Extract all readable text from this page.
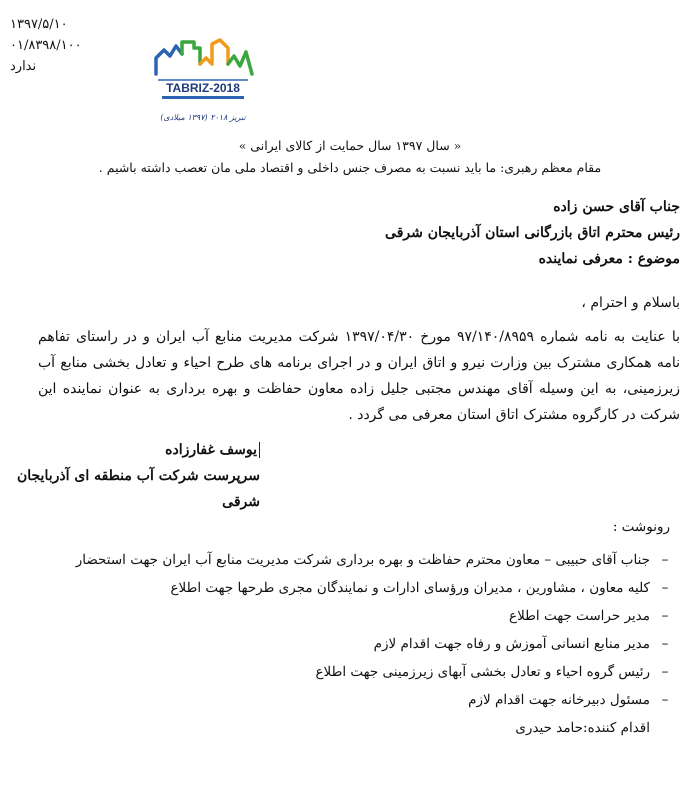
۱۳۹۷/۵/۱۰
۰۱/۸۳۹۸/۱۰۰
ندارد
TABRIZ-2018
تبریز ۲۰۱۸ (۱۳۹۷ میلادی)
« سال ۱۳۹۷ سال حمایت از کالای ایرانی »
مقام معظم رهبری: ما باید نسبت به مصرف جنس داخلی و اقتصاد ملی مان تعصب داشته باشیم .
جناب آقای حسن زاده
رئیس محترم اتاق بازرگانی استان آذربایجان شرقی
موضوع : معرفی نماینده

باسلام و احترام ،

با عنایت به نامه شماره ۹۷/۱۴۰/۸۹۵۹ مورخ ۱۳۹۷/۰۴/۳۰ شرکت مدیریت منابع آب ایران و در راستای تفاهم نامه همکاری مشترک بین وزارت نیرو و اتاق ایران و در اجرای برنامه های طرح احیاء و تعادل بخشی منابع آب زیرزمینی، به این وسیله آقای مهندس مجتبی جلیل زاده معاون حفاظت و بهره برداری به عنوان نماینده این شرکت در کارگروه مشترک اتاق استان معرفی می گردد .

یوسف غفارزاده
سرپرست شرکت آب منطقه ای آذربایجان شرقی
رونوشت :
–
جناب آقای حبیبی – معاون محترم حفاظت و بهره برداری شرکت مدیریت منابع آب ایران جهت استحضار
–
کلیه معاون ، مشاورین ، مدیران ورؤسای ادارات و نمایندگان مجری طرحها جهت اطلاع
–
مدیر حراست جهت اطلاع
–
مدیر منابع انسانی آموزش و رفاه جهت اقدام لازم
–
رئیس گروه احیاء و تعادل بخشی آبهای زیرزمینی جهت اطلاع
–
مسئول دبیرخانه جهت اقدام لازم
اقدام کننده:حامد حیدری
